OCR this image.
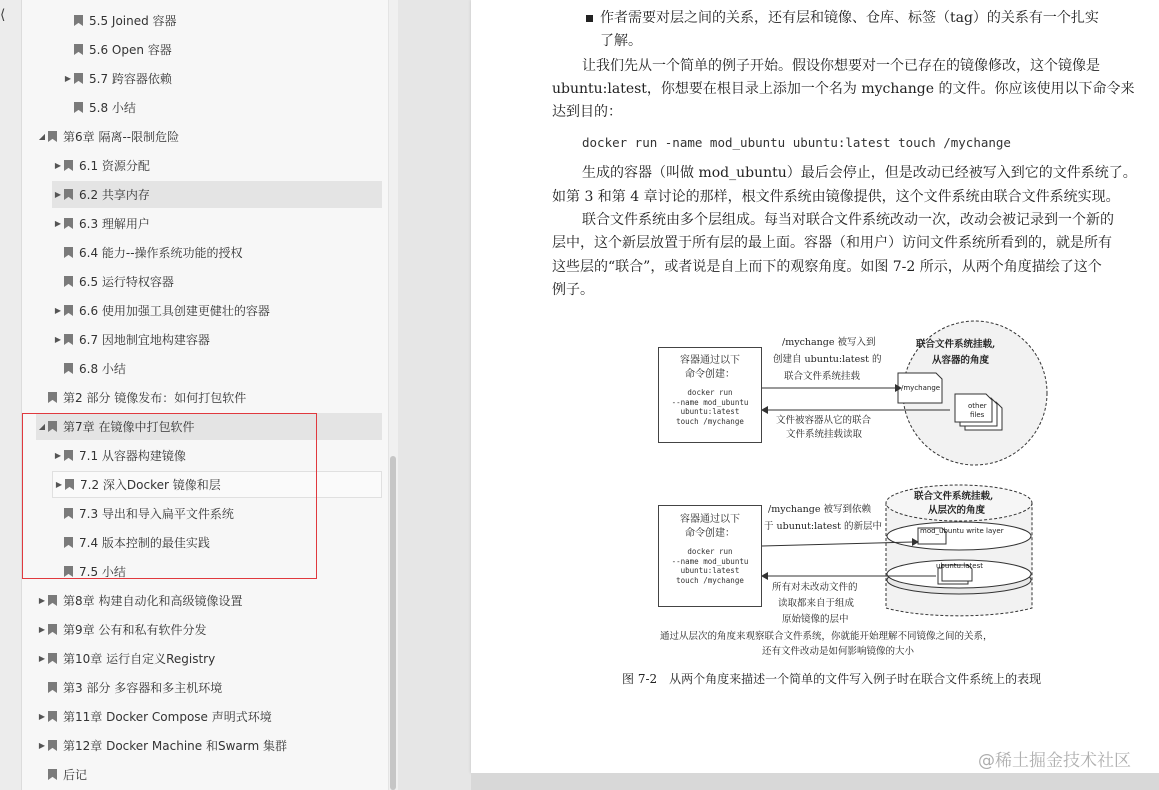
⟨	5.5 Joined 容器
5.6 Open 容器
▶ 5.7 跨容器依赖
5.8 小结
◢ 第6章 隔离--限制危险
▶ 6.1 资源分配
▶ 6.2 共享内存
▶ 6.3 理解用户
6.4 能力--操作系统功能的授权
6.5 运行特权容器
▶ 6.6 使用加强工具创建更健壮的容器
▶ 6.7 因地制宜地构建容器
6.8 小结
第2 部分 镜像发布：如何打包软件
◢ 第7章 在镜像中打包软件
▶ 7.1 从容器构建镜像
▶ 7.2 深入Docker 镜像和层
7.3 导出和导入扁平文件系统
7.4 版本控制的最佳实践
7.5 小结
▶ 第8章 构建自动化和高级镜像设置
▶ 第9章 公有和私有软件分发
▶ 第10章 运行自定义Registry
第3 部分 多容器和多主机环境
▶ 第11章 Docker Compose 声明式环境
▶ 第12章 Docker Machine 和Swarm 集群
后记
作者需要对层之间的关系，还有层和镜像、仓库、标签（tag）的关系有一个扎实
了解。
让我们先从一个简单的例子开始。假设你想要对一个已存在的镜像修改，这个镜像是
ubuntu:latest，你想要在根目录上添加一个名为 mychange 的文件。你应该使用以下命令来
达到目的：
docker run -name mod_ubuntu ubuntu:latest touch /mychange
生成的容器（叫做 mod_ubuntu）最后会停止，但是改动已经被写入到它的文件系统了。
如第 3 和第 4 章讨论的那样，根文件系统由镜像提供，这个文件系统由联合文件系统实现。
联合文件系统由多个层组成。每当对联合文件系统改动一次，改动会被记录到一个新的
层中，这个新层放置于所有层的最上面。容器（和用户）访问文件系统所看到的，就是所有
这些层的“联合”，或者说是自上而下的观察角度。如图 7-2 所示，从两个角度描绘了这个
例子。
容器通过以下
命令创建：
docker run
--name mod_ubuntu
ubuntu:latest
touch /mychange
容器通过以下
命令创建：
docker run
--name mod_ubuntu
ubuntu:latest
touch /mychange
/mychange 被写入到
创建自 ubuntu:latest 的
联合文件系统挂载
文件被容器从它的联合
文件系统挂载读取
联合文件系统挂载,
从容器的角度
/mychange
other
files
/mychange 被写到依赖
于 ubunut:latest 的新层中
联合文件系统挂载,
从层次的角度
mod_ubuntu write layer
ubuntu:latest
所有对未改动文件的
读取都来自于组成
原始镜像的层中
通过从层次的角度来观察联合文件系统，你就能开始理解不同镜像之间的关系，
还有文件改动是如何影响镜像的大小
图 7-2　从两个角度来描述一个简单的文件写入例子时在联合文件系统上的表现
@稀土掘金技术社区
